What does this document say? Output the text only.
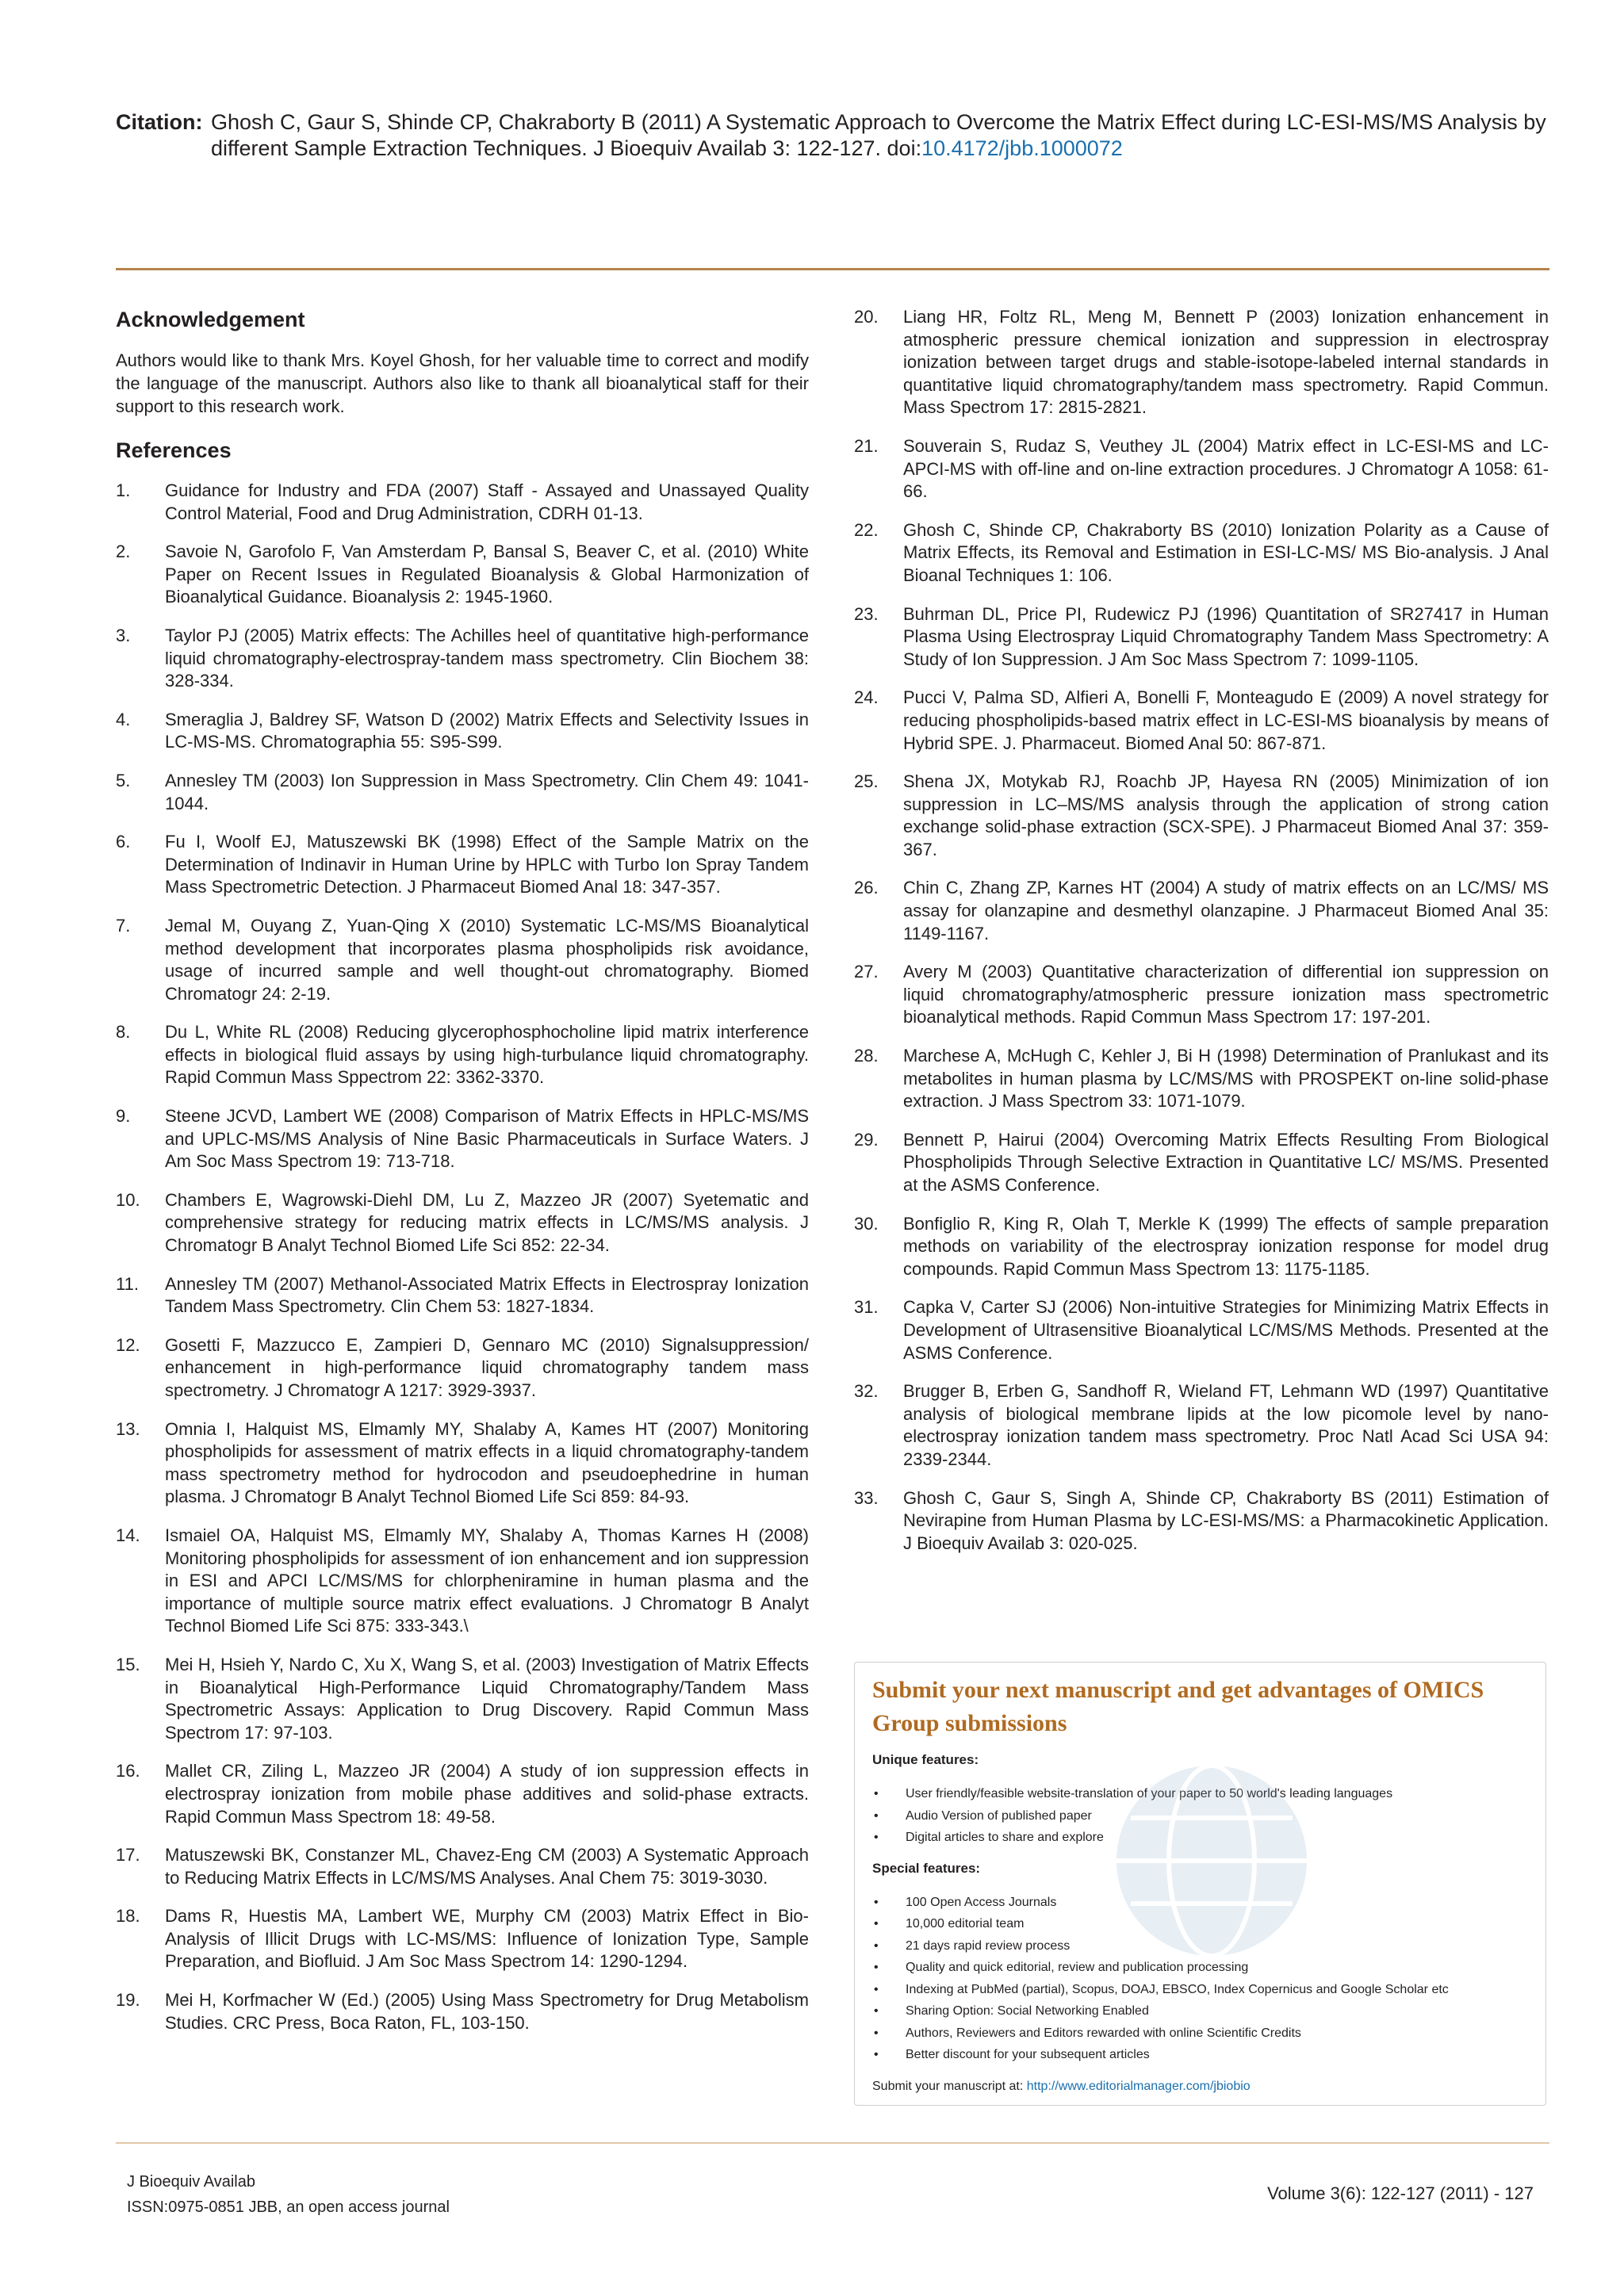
Citation: Ghosh C, Gaur S, Shinde CP, Chakraborty B (2011) A Systematic Approach to Overcome the Matrix Effect during LC-ESI-MS/MS Analysis by different Sample Extraction Techniques. J Bioequiv Availab 3: 122-127. doi:10.4172/jbb.1000072
Acknowledgement

Authors would like to thank Mrs. Koyel Ghosh, for her valuable time to correct and modify the language of the manuscript. Authors also like to thank all bioanalytical staff for their support to this research work.

References
1.	Guidance for Industry and FDA (2007) Staff - Assayed and Unassayed Quality Control Material, Food and Drug Administration, CDRH 01-13.
2.	Savoie N, Garofolo F, Van Amsterdam P, Bansal S, Beaver C, et al. (2010) White Paper on Recent Issues in Regulated Bioanalysis & Global Harmonization of Bioanalytical Guidance. Bioanalysis 2: 1945-1960.
3.	Taylor PJ (2005) Matrix effects: The Achilles heel of quantitative high-performance liquid chromatography-electrospray-tandem mass spectrometry. Clin Biochem 38: 328-334.
4.	Smeraglia J, Baldrey SF, Watson D (2002) Matrix Effects and Selectivity Issues in LC-MS-MS. Chromatographia 55: S95-S99.
5.	Annesley TM (2003) Ion Suppression in Mass Spectrometry. Clin Chem 49: 1041-1044.
6.	Fu I, Woolf EJ, Matuszewski BK (1998) Effect of the Sample Matrix on the Determination of Indinavir in Human Urine by HPLC with Turbo Ion Spray Tandem Mass Spectrometric Detection. J Pharmaceut Biomed Anal 18: 347-357.
7.	Jemal M, Ouyang Z, Yuan-Qing X (2010) Systematic LC-MS/MS Bioanalytical method development that incorporates plasma phospholipids risk avoidance, usage of incurred sample and well thought-out chromatography. Biomed Chromatogr 24: 2-19.
8.	Du L, White RL (2008) Reducing glycerophosphocholine lipid matrix interference effects in biological fluid assays by using high-turbulance liquid chromatography. Rapid Commun Mass Sppectrom 22: 3362-3370.
9.	Steene JCVD, Lambert WE (2008) Comparison of Matrix Effects in HPLC-MS/MS and UPLC-MS/MS Analysis of Nine Basic Pharmaceuticals in Surface Waters. J Am Soc Mass Spectrom 19: 713-718.
10.	Chambers E, Wagrowski-Diehl DM, Lu Z, Mazzeo JR (2007) Syetematic and comprehensive strategy for reducing matrix effects in LC/MS/MS analysis. J Chromatogr B Analyt Technol Biomed Life Sci 852: 22-34.
11.	Annesley TM (2007) Methanol-Associated Matrix Effects in Electrospray Ionization Tandem Mass Spectrometry. Clin Chem 53: 1827-1834.
12.	Gosetti F, Mazzucco E, Zampieri D, Gennaro MC (2010) Signalsuppression/ enhancement in high-performance liquid chromatography tandem mass spectrometry. J Chromatogr A 1217: 3929-3937.
13.	Omnia I, Halquist MS, Elmamly MY, Shalaby A, Kames HT (2007) Monitoring phospholipids for assessment of matrix effects in a liquid chromatography-tandem mass spectrometry method for hydrocodon and pseudoephedrine in human plasma. J Chromatogr B Analyt Technol Biomed Life Sci 859: 84-93.
14.	Ismaiel OA, Halquist MS, Elmamly MY, Shalaby A, Thomas Karnes H (2008) Monitoring phospholipids for assessment of ion enhancement and ion suppression in ESI and APCI LC/MS/MS for chlorpheniramine in human plasma and the importance of multiple source matrix effect evaluations. J Chromatogr B Analyt Technol Biomed Life Sci 875: 333-343.\
15.	Mei H, Hsieh Y, Nardo C, Xu X, Wang S, et al. (2003) Investigation of Matrix Effects in Bioanalytical High-Performance Liquid Chromatography/Tandem Mass Spectrometric Assays: Application to Drug Discovery. Rapid Commun Mass Spectrom 17: 97-103.
16.	Mallet CR, Ziling L, Mazzeo JR (2004) A study of ion suppression effects in electrospray ionization from mobile phase additives and solid-phase extracts. Rapid Commun Mass Spectrom 18: 49-58.
17.	Matuszewski BK, Constanzer ML, Chavez-Eng CM (2003) A Systematic Approach to Reducing Matrix Effects in LC/MS/MS Analyses. Anal Chem 75: 3019-3030.
18.	Dams R, Huestis MA, Lambert WE, Murphy CM (2003) Matrix Effect in Bio-Analysis of Illicit Drugs with LC-MS/MS: Influence of Ionization Type, Sample Preparation, and Biofluid. J Am Soc Mass Spectrom 14: 1290-1294.
19.	Mei H, Korfmacher W (Ed.) (2005) Using Mass Spectrometry for Drug Metabolism Studies. CRC Press, Boca Raton, FL, 103-150.
20.	Liang HR, Foltz RL, Meng M, Bennett P (2003) Ionization enhancement in atmospheric pressure chemical ionization and suppression in electrospray ionization between target drugs and stable-isotope-labeled internal standards in quantitative liquid chromatography/tandem mass spectrometry. Rapid Commun. Mass Spectrom 17: 2815-2821.
21.	Souverain S, Rudaz S, Veuthey JL (2004) Matrix effect in LC-ESI-MS and LC-APCI-MS with off-line and on-line extraction procedures. J Chromatogr A 1058: 61-66.
22.	Ghosh C, Shinde CP, Chakraborty BS (2010) Ionization Polarity as a Cause of Matrix Effects, its Removal and Estimation in ESI-LC-MS/ MS Bio-analysis. J Anal Bioanal Techniques 1: 106.
23.	Buhrman DL, Price PI, Rudewicz PJ (1996) Quantitation of SR27417 in Human Plasma Using Electrospray Liquid Chromatography Tandem Mass Spectrometry: A Study of Ion Suppression. J Am Soc Mass Spectrom 7: 1099-1105.
24.	Pucci V, Palma SD, Alfieri A, Bonelli F, Monteagudo E (2009) A novel strategy for reducing phospholipids-based matrix effect in LC-ESI-MS bioanalysis by means of Hybrid SPE. J. Pharmaceut. Biomed Anal 50: 867-871.
25.	Shena JX, Motykab RJ, Roachb JP, Hayesa RN (2005) Minimization of ion suppression in LC–MS/MS analysis through the application of strong cation exchange solid-phase extraction (SCX-SPE). J Pharmaceut Biomed Anal 37: 359-367.
26.	Chin C, Zhang ZP, Karnes HT (2004) A study of matrix effects on an LC/MS/ MS assay for olanzapine and desmethyl olanzapine. J Pharmaceut Biomed Anal 35: 1149-1167.
27.	Avery M (2003) Quantitative characterization of differential ion suppression on liquid chromatography/atmospheric pressure ionization mass spectrometric bioanalytical methods. Rapid Commun Mass Spectrom 17: 197-201.
28.	Marchese A, McHugh C, Kehler J, Bi H (1998) Determination of Pranlukast and its metabolites in human plasma by LC/MS/MS with PROSPEKT on-line solid-phase extraction. J Mass Spectrom 33: 1071-1079.
29.	Bennett P, Hairui (2004) Overcoming Matrix Effects Resulting From Biological Phospholipids Through Selective Extraction in Quantitative LC/ MS/MS. Presented at the ASMS Conference.
30.	Bonfiglio R, King R, Olah T, Merkle K (1999) The effects of sample preparation methods on variability of the electrospray ionization response for model drug compounds. Rapid Commun Mass Spectrom 13: 1175-1185.
31.	Capka V, Carter SJ (2006) Non-intuitive Strategies for Minimizing Matrix Effects in Development of Ultrasensitive Bioanalytical LC/MS/MS Methods. Presented at the ASMS Conference.
32.	Brugger B, Erben G, Sandhoff R, Wieland FT, Lehmann WD (1997) Quantitative analysis of biological membrane lipids at the low picomole level by nano-electrospray ionization tandem mass spectrometry. Proc Natl Acad Sci USA 94: 2339-2344.
33.	Ghosh C, Gaur S, Singh A, Shinde CP, Chakraborty BS (2011) Estimation of Nevirapine from Human Plasma by LC-ESI-MS/MS: a Pharmacokinetic Application. J Bioequiv Availab 3: 020-025.
Submit your next manuscript and get advantages of OMICS Group submissions
Unique features:
•	User friendly/feasible website-translation of your paper to 50 world's leading languages
•	Audio Version of published paper
•	Digital articles to share and explore
Special features:
•	100 Open Access Journals
•	10,000 editorial team
•	21 days rapid review process
•	Quality and quick editorial, review and publication processing
•	Indexing at PubMed (partial), Scopus, DOAJ, EBSCO, Index Copernicus and Google Scholar etc
•	Sharing Option: Social Networking Enabled
•	Authors, Reviewers and Editors rewarded with online Scientific Credits
•	Better discount for your subsequent articles
Submit your manuscript at: http://www.editorialmanager.com/jbiobio
J Bioequiv Availab
ISSN:0975-0851 JBB, an open access journal
Volume 3(6): 122-127 (2011) - 127
